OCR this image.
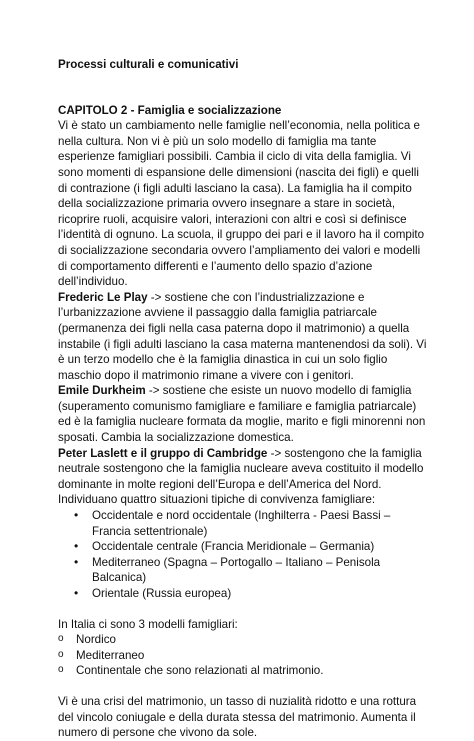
Processi culturali e comunicativi
CAPITOLO 2 - Famiglia e socializzazione

Vi è stato un cambiamento nelle famiglie nell’economia, nella politica e nella cultura. Non vi è più un solo modello di famiglia ma tante esperienze famigliari possibili. Cambia il ciclo di vita della famiglia. Vi sono momenti di espansione delle dimensioni (nascita dei figli) e quelli di contrazione (i figli adulti lasciano la casa). La famiglia ha il compito della socializzazione primaria ovvero insegnare a stare in società, ricoprire ruoli, acquisire valori, interazioni con altri e così si definisce l’identità di ognuno. La scuola, il gruppo dei pari e il lavoro ha il compito di socializzazione secondaria ovvero l’ampliamento dei valori e modelli di comportamento differenti e l’aumento dello spazio d’azione dell’individuo.

Frederic Le Play -> sostiene che con l’industrializzazione e l’urbanizzazione avviene il passaggio dalla famiglia patriarcale (permanenza dei figli nella casa paterna dopo il matrimonio) a quella instabile (i figli adulti lasciano la casa materna mantenendosi da soli). Vi è un terzo modello che è la famiglia dinastica in cui un solo figlio maschio dopo il matrimonio rimane a vivere con i genitori.

Emile Durkheim -> sostiene che esiste un nuovo modello di famiglia (superamento comunismo famigliare e familiare e famiglia patriarcale) ed è la famiglia nucleare formata da moglie, marito e figli minorenni non sposati. Cambia la socializzazione domestica.

Peter Laslett e il gruppo di Cambridge -> sostengono che la famiglia neutrale sostengono che la famiglia nucleare aveva costituito il modello dominante in molte regioni dell’Europa e dell’America del Nord.

Individuano quattro situazioni tipiche di convivenza famigliare:

• Occidentale e nord occidentale (Inghilterra - Paesi Bassi – Francia settentrionale)
• Occidentale centrale (Francia Meridionale – Germania)
• Mediterraneo (Spagna – Portogallo – Italiano – Penisola Balcanica)
• Orientale (Russia europea)

In Italia ci sono 3 modelli famigliari:

o Nordico
o Mediterraneo
o Continentale che sono relazionati al matrimonio.

Vi è una crisi del matrimonio, un tasso di nuzialità ridotto e una rottura del vincolo coniugale e della durata stessa del matrimonio. Aumenta il numero di persone che vivono da sole.
